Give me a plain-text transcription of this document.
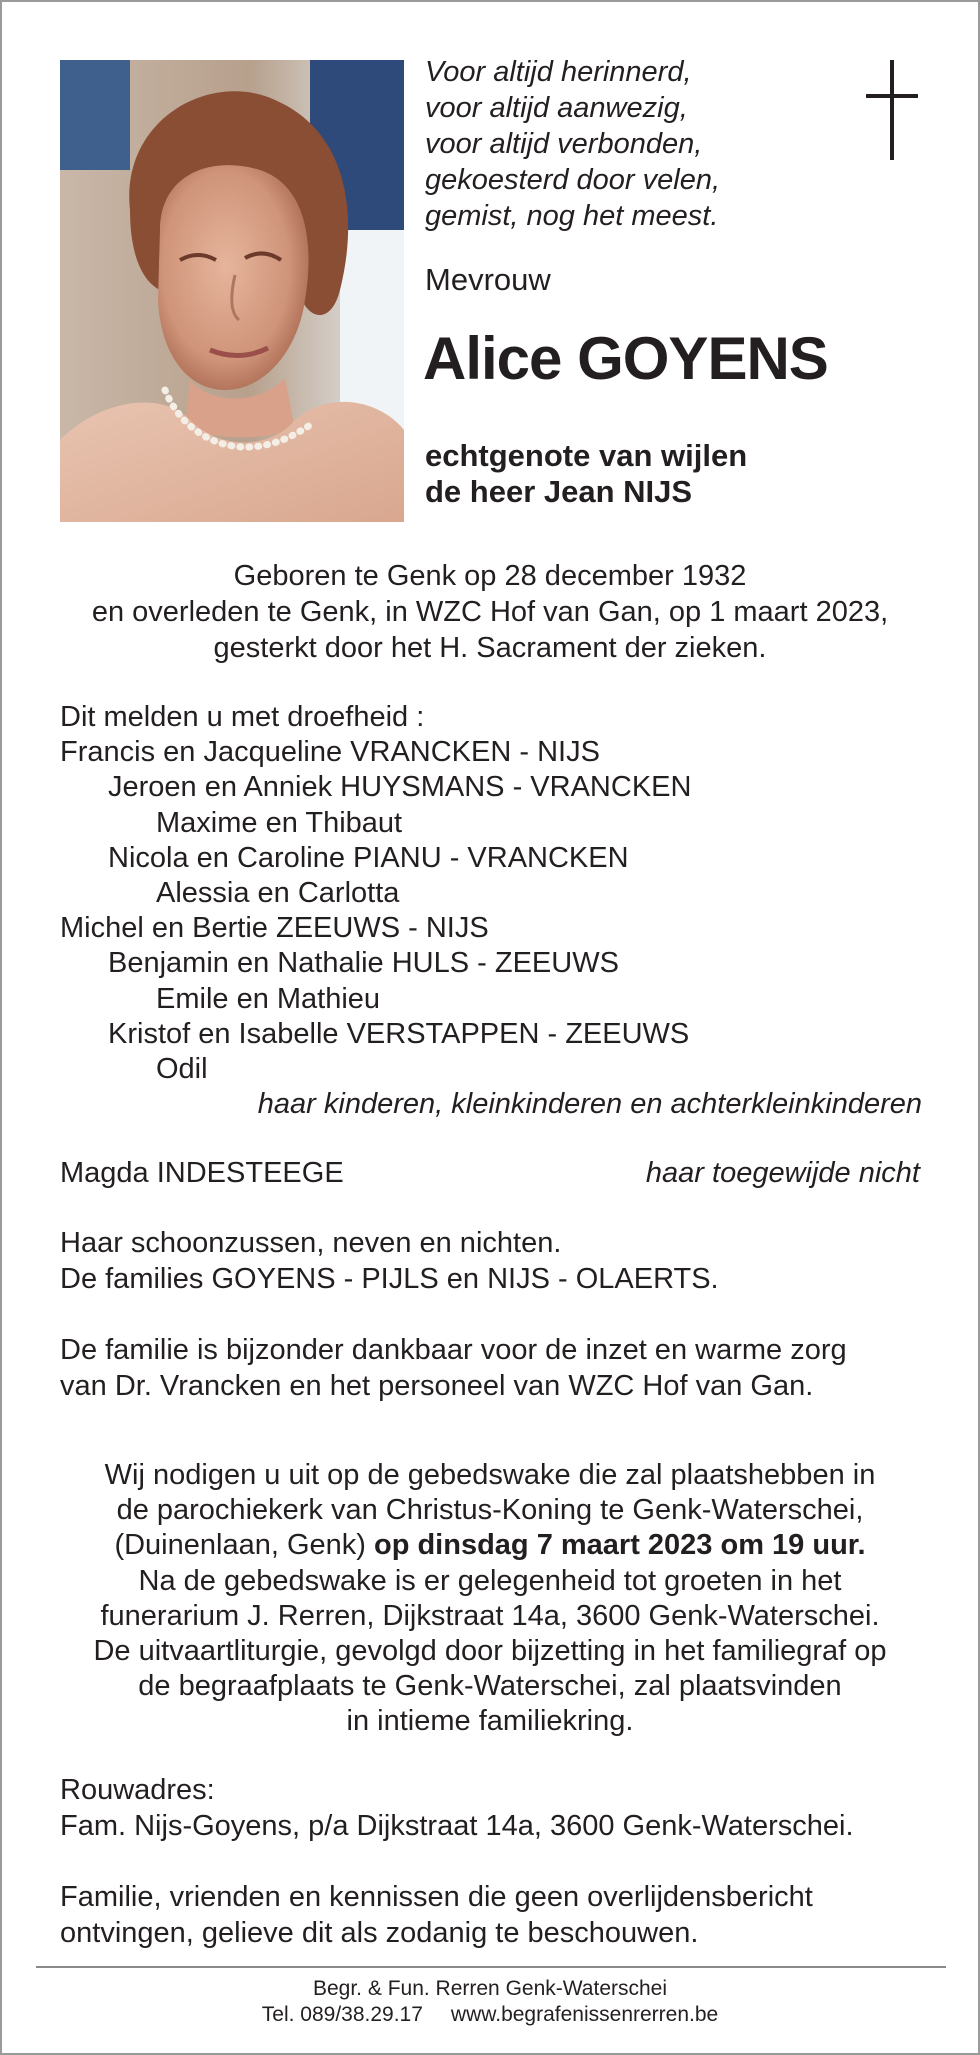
Voor altijd herinnerd,
voor altijd aanwezig,
voor altijd verbonden,
gekoesterd door velen,
gemist, nog het meest.
Mevrouw
Alice GOYENS
echtgenote van wijlen
de heer Jean NIJS
Geboren te Genk op 28 december 1932
en overleden te Genk, in WZC Hof van Gan, op 1 maart 2023,
gesterkt door het H. Sacrament der zieken.
Dit melden u met droefheid :
Francis en Jacqueline VRANCKEN - NIJS
Jeroen en Anniek HUYSMANS - VRANCKEN
Maxime en Thibaut
Nicola en Caroline PIANU - VRANCKEN
Alessia en Carlotta
Michel en Bertie ZEEUWS - NIJS
Benjamin en Nathalie HULS - ZEEUWS
Emile en Mathieu
Kristof en Isabelle VERSTAPPEN - ZEEUWS
Odil
haar kinderen, kleinkinderen en achterkleinkinderen
Magda INDESTEEGE	haar toegewijde nicht
Haar schoonzussen, neven en nichten.
De families GOYENS - PIJLS en NIJS - OLAERTS.
De familie is bijzonder dankbaar voor de inzet en warme zorg
van Dr. Vrancken en het personeel van WZC Hof van Gan.
Wij nodigen u uit op de gebedswake die zal plaatshebben in
de parochiekerk van Christus-Koning te Genk-Waterschei,
(Duinenlaan, Genk) op dinsdag 7 maart 2023 om 19 uur.
Na de gebedswake is er gelegenheid tot groeten in het
funerarium J. Rerren, Dijkstraat 14a, 3600 Genk-Waterschei.
De uitvaartliturgie, gevolgd door bijzetting in het familiegraf op
de begraafplaats te Genk-Waterschei, zal plaatsvinden
in intieme familiekring.
Rouwadres:
Fam. Nijs-Goyens, p/a Dijkstraat 14a, 3600 Genk-Waterschei.
Familie, vrienden en kennissen die geen overlijdensbericht
ontvingen, gelieve dit als zodanig te beschouwen.
Begr. & Fun. Rerren Genk-Waterschei
Tel. 089/38.29.17 www.begrafenissenrerren.be
